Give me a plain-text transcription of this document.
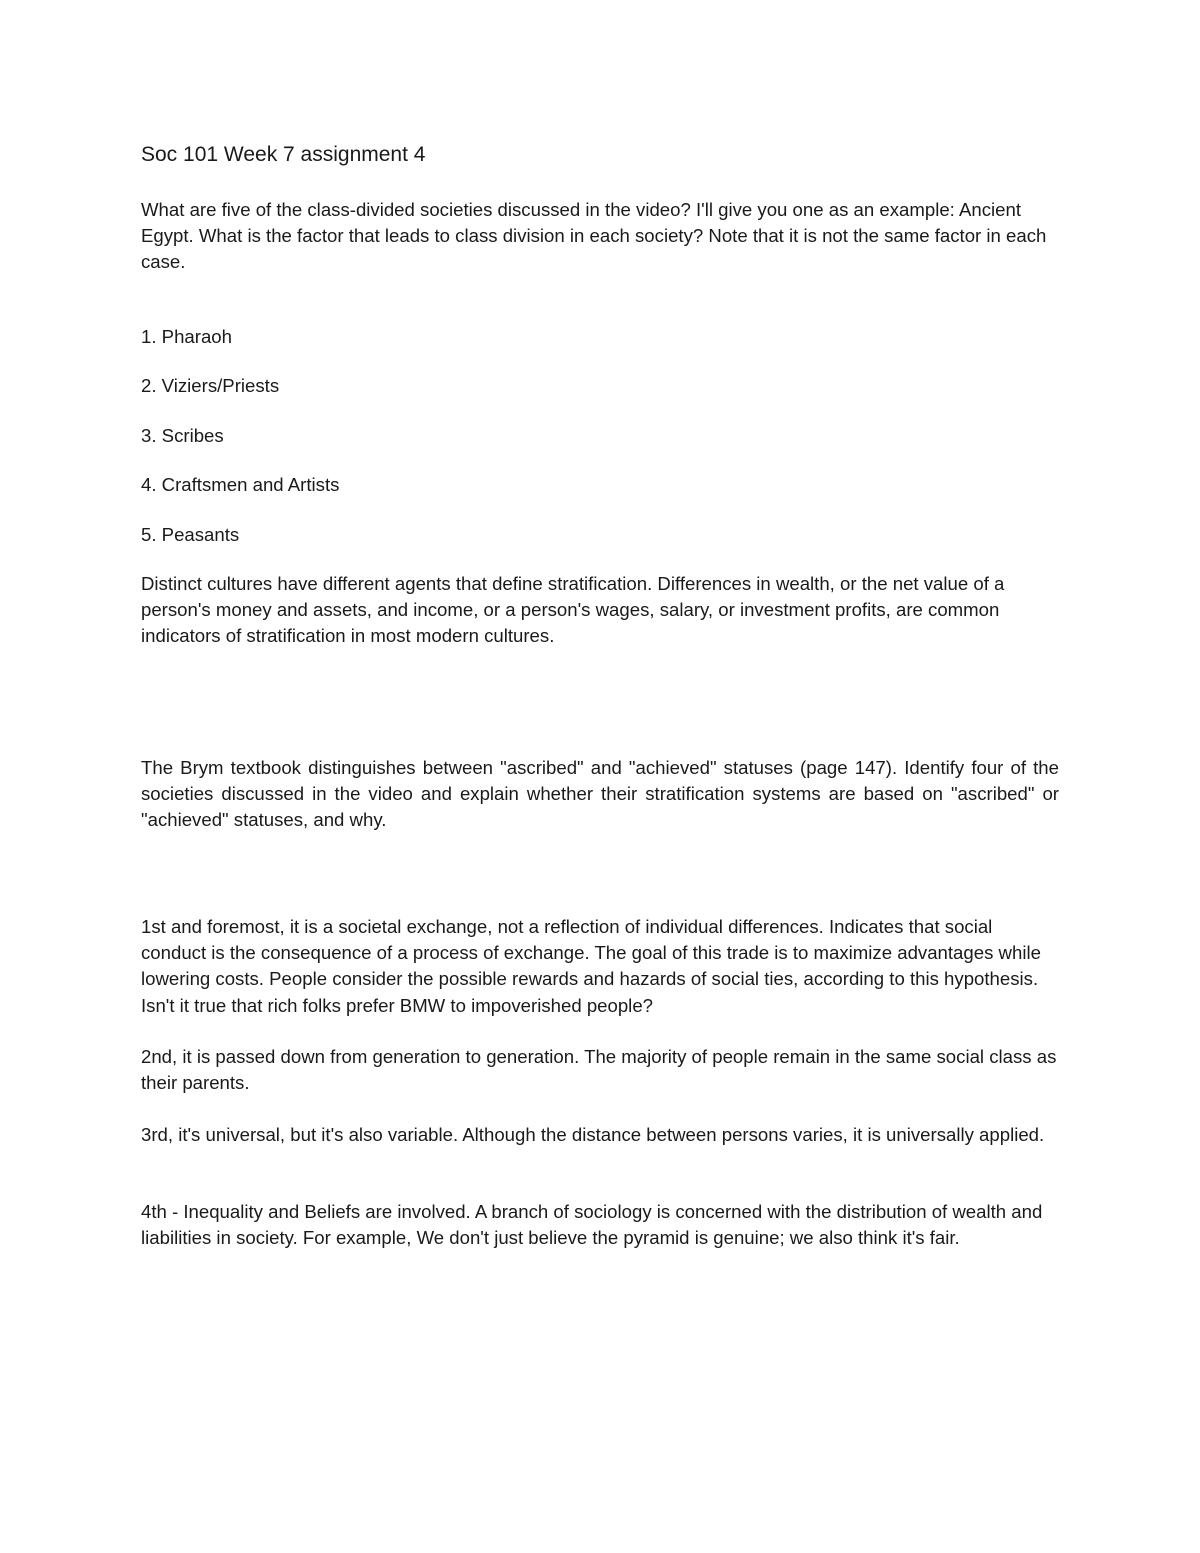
Soc 101 Week 7 assignment 4

What are five of the class-divided societies discussed in the video? I'll give you one as an example: Ancient Egypt. What is the factor that leads to class division in each society? Note that it is not the same factor in each case.

1. Pharaoh
2. Viziers/Priests
3. Scribes
4. Craftsmen and Artists
5. Peasants

Distinct cultures have different agents that define stratification. Differences in wealth, or the net value of a person's money and assets, and income, or a person's wages, salary, or investment profits, are common indicators of stratification in most modern cultures.

The Brym textbook distinguishes between "ascribed" and "achieved" statuses (page 147). Identify four of the societies discussed in the video and explain whether their stratification systems are based on "ascribed" or "achieved" statuses, and why.

1st and foremost, it is a societal exchange, not a reflection of individual differences. Indicates that social conduct is the consequence of a process of exchange. The goal of this trade is to maximize advantages while lowering costs. People consider the possible rewards and hazards of social ties, according to this hypothesis. Isn't it true that rich folks prefer BMW to impoverished people?

2nd, it is passed down from generation to generation. The majority of people remain in the same social class as their parents.

3rd, it's universal, but it's also variable. Although the distance between persons varies, it is universally applied.

4th - Inequality and Beliefs are involved. A branch of sociology is concerned with the distribution of wealth and liabilities in society. For example, We don't just believe the pyramid is genuine; we also think it's fair.
